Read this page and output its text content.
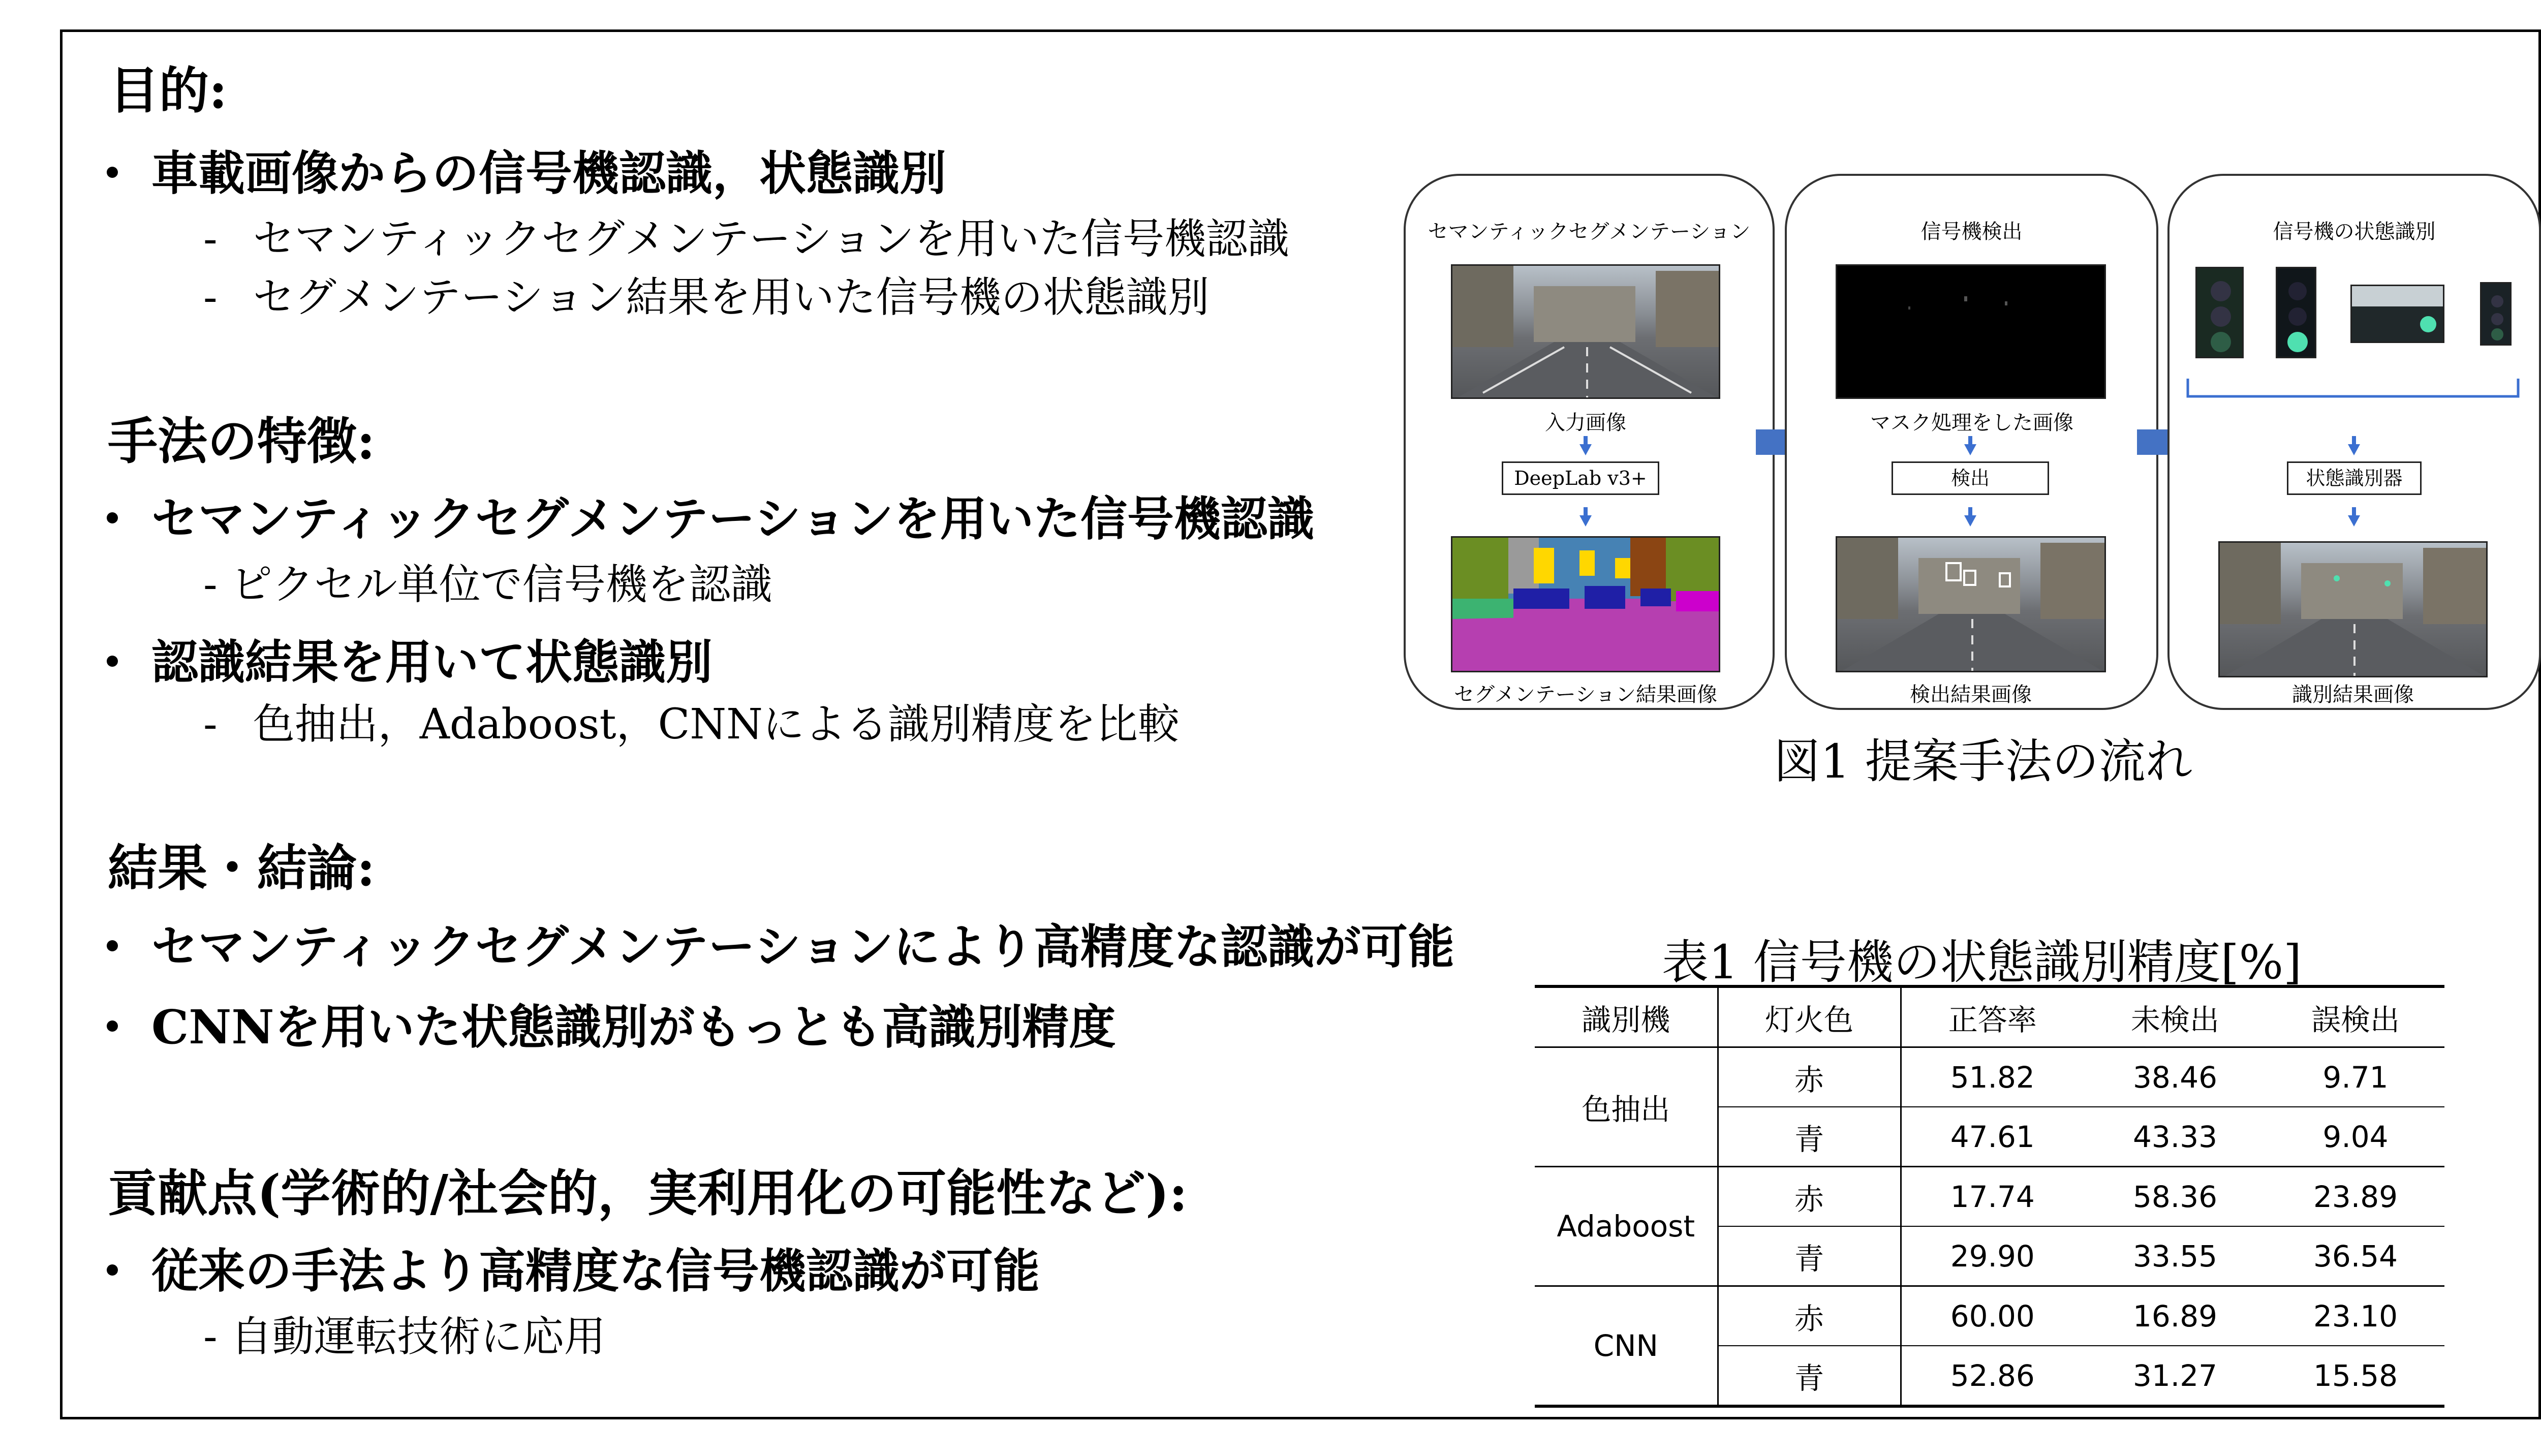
目的:
車載画像からの信号機認識，状態識別
- セマンティックセグメンテーションを用いた信号機認識
- セグメンテーション結果を用いた信号機の状態識別
手法の特徴:
セマンティックセグメンテーションを用いた信号機認識
- ピクセル単位で信号機を認識
認識結果を用いて状態識別
- 色抽出，Adaboost，CNNによる識別精度を比較
結果・結論:
セマンティックセグメンテーションにより高精度な認識が可能
CNNを用いた状態識別がもっとも高識別精度
貢献点(学術的/社会的，実利用化の可能性など):
従来の手法より高精度な信号機認識が可能
- 自動運転技術に応用
セマンティックセグメンテーション
入力画像
DeepLab v3+
セグメンテーション結果画像
信号機検出
マスク処理をした画像
検出
検出結果画像
信号機の状態識別
状態識別器
識別結果画像
図1 提案手法の流れ
表1 信号機の状態識別精度[%]
識別機	灯火色	正答率	未検出	誤検出
色抽出	赤	51.82	38.46	9.71
	青	47.61	43.33	9.04
Adaboost	赤	17.74	58.36	23.89
	青	29.90	33.55	36.54
CNN	赤	60.00	16.89	23.10
	青	52.86	31.27	15.58
